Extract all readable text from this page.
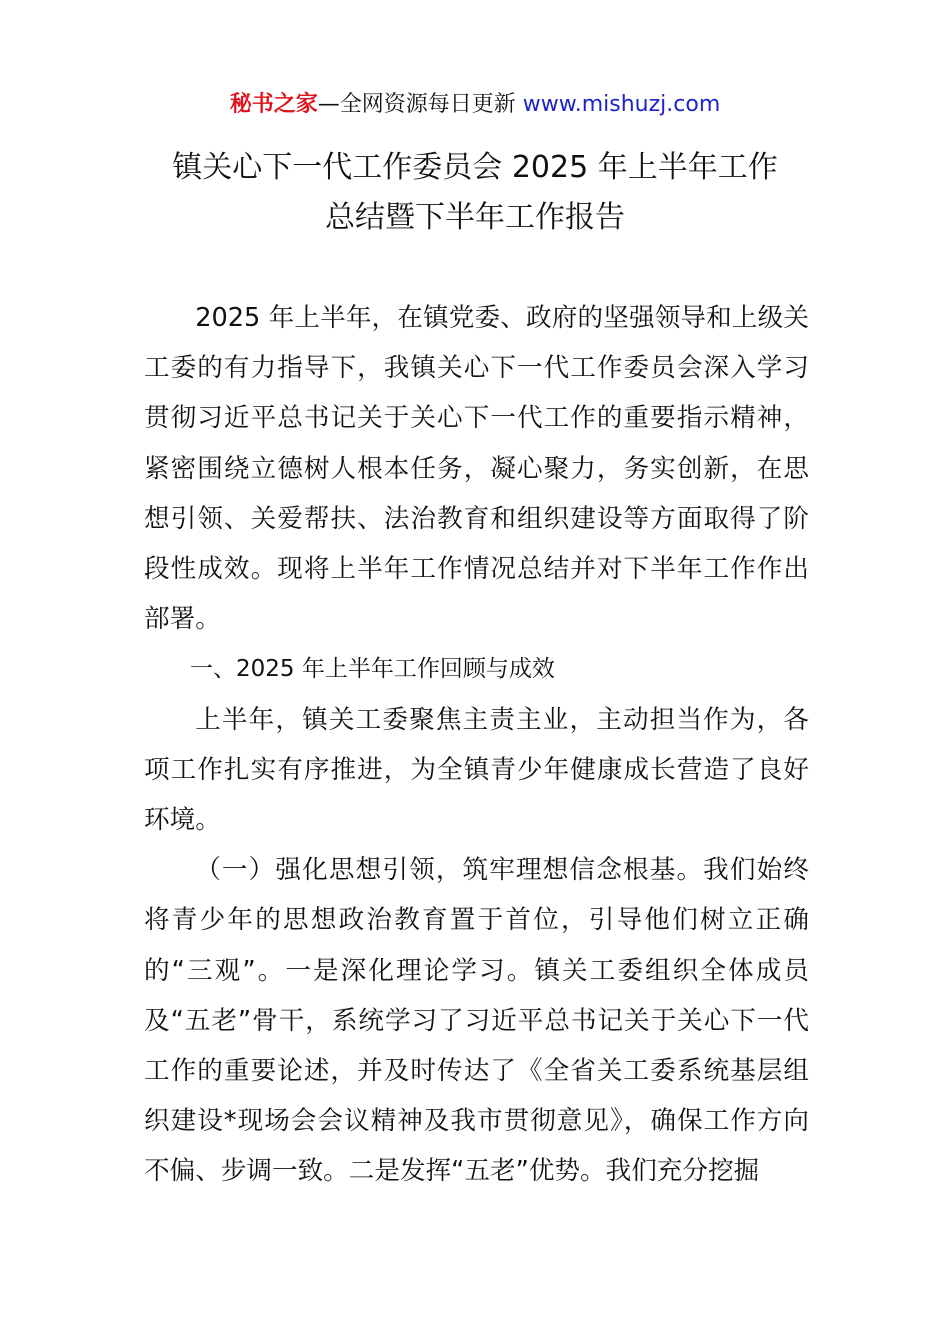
秘书之家—全网资源每日更新 www.mishuzj.com
镇关心下一代工作委员会 2025 年上半年工作
总结暨下半年工作报告

2025 年上半年，在镇党委、政府的坚强领导和上级关工委的有力指导下，我镇关心下一代工作委员会深入学习贯彻习近平总书记关于关心下一代工作的重要指示精神，紧密围绕立德树人根本任务，凝心聚力，务实创新，在思想引领、关爱帮扶、法治教育和组织建设等方面取得了阶段性成效。现将上半年工作情况总结并对下半年工作作出部署。

一、2025 年上半年工作回顾与成效

上半年，镇关工委聚焦主责主业，主动担当作为，各项工作扎实有序推进，为全镇青少年健康成长营造了良好环境。

（一）强化思想引领，筑牢理想信念根基。我们始终将青少年的思想政治教育置于首位，引导他们树立正确的“三观”。一是深化理论学习。镇关工委组织全体成员及“五老”骨干，系统学习了习近平总书记关于关心下一代工作的重要论述，并及时传达了《全省关工委系统基层组织建设*现场会会议精神及我市贯彻意见》，确保工作方向不偏、步调一致。二是发挥“五老”优势。我们充分挖掘
